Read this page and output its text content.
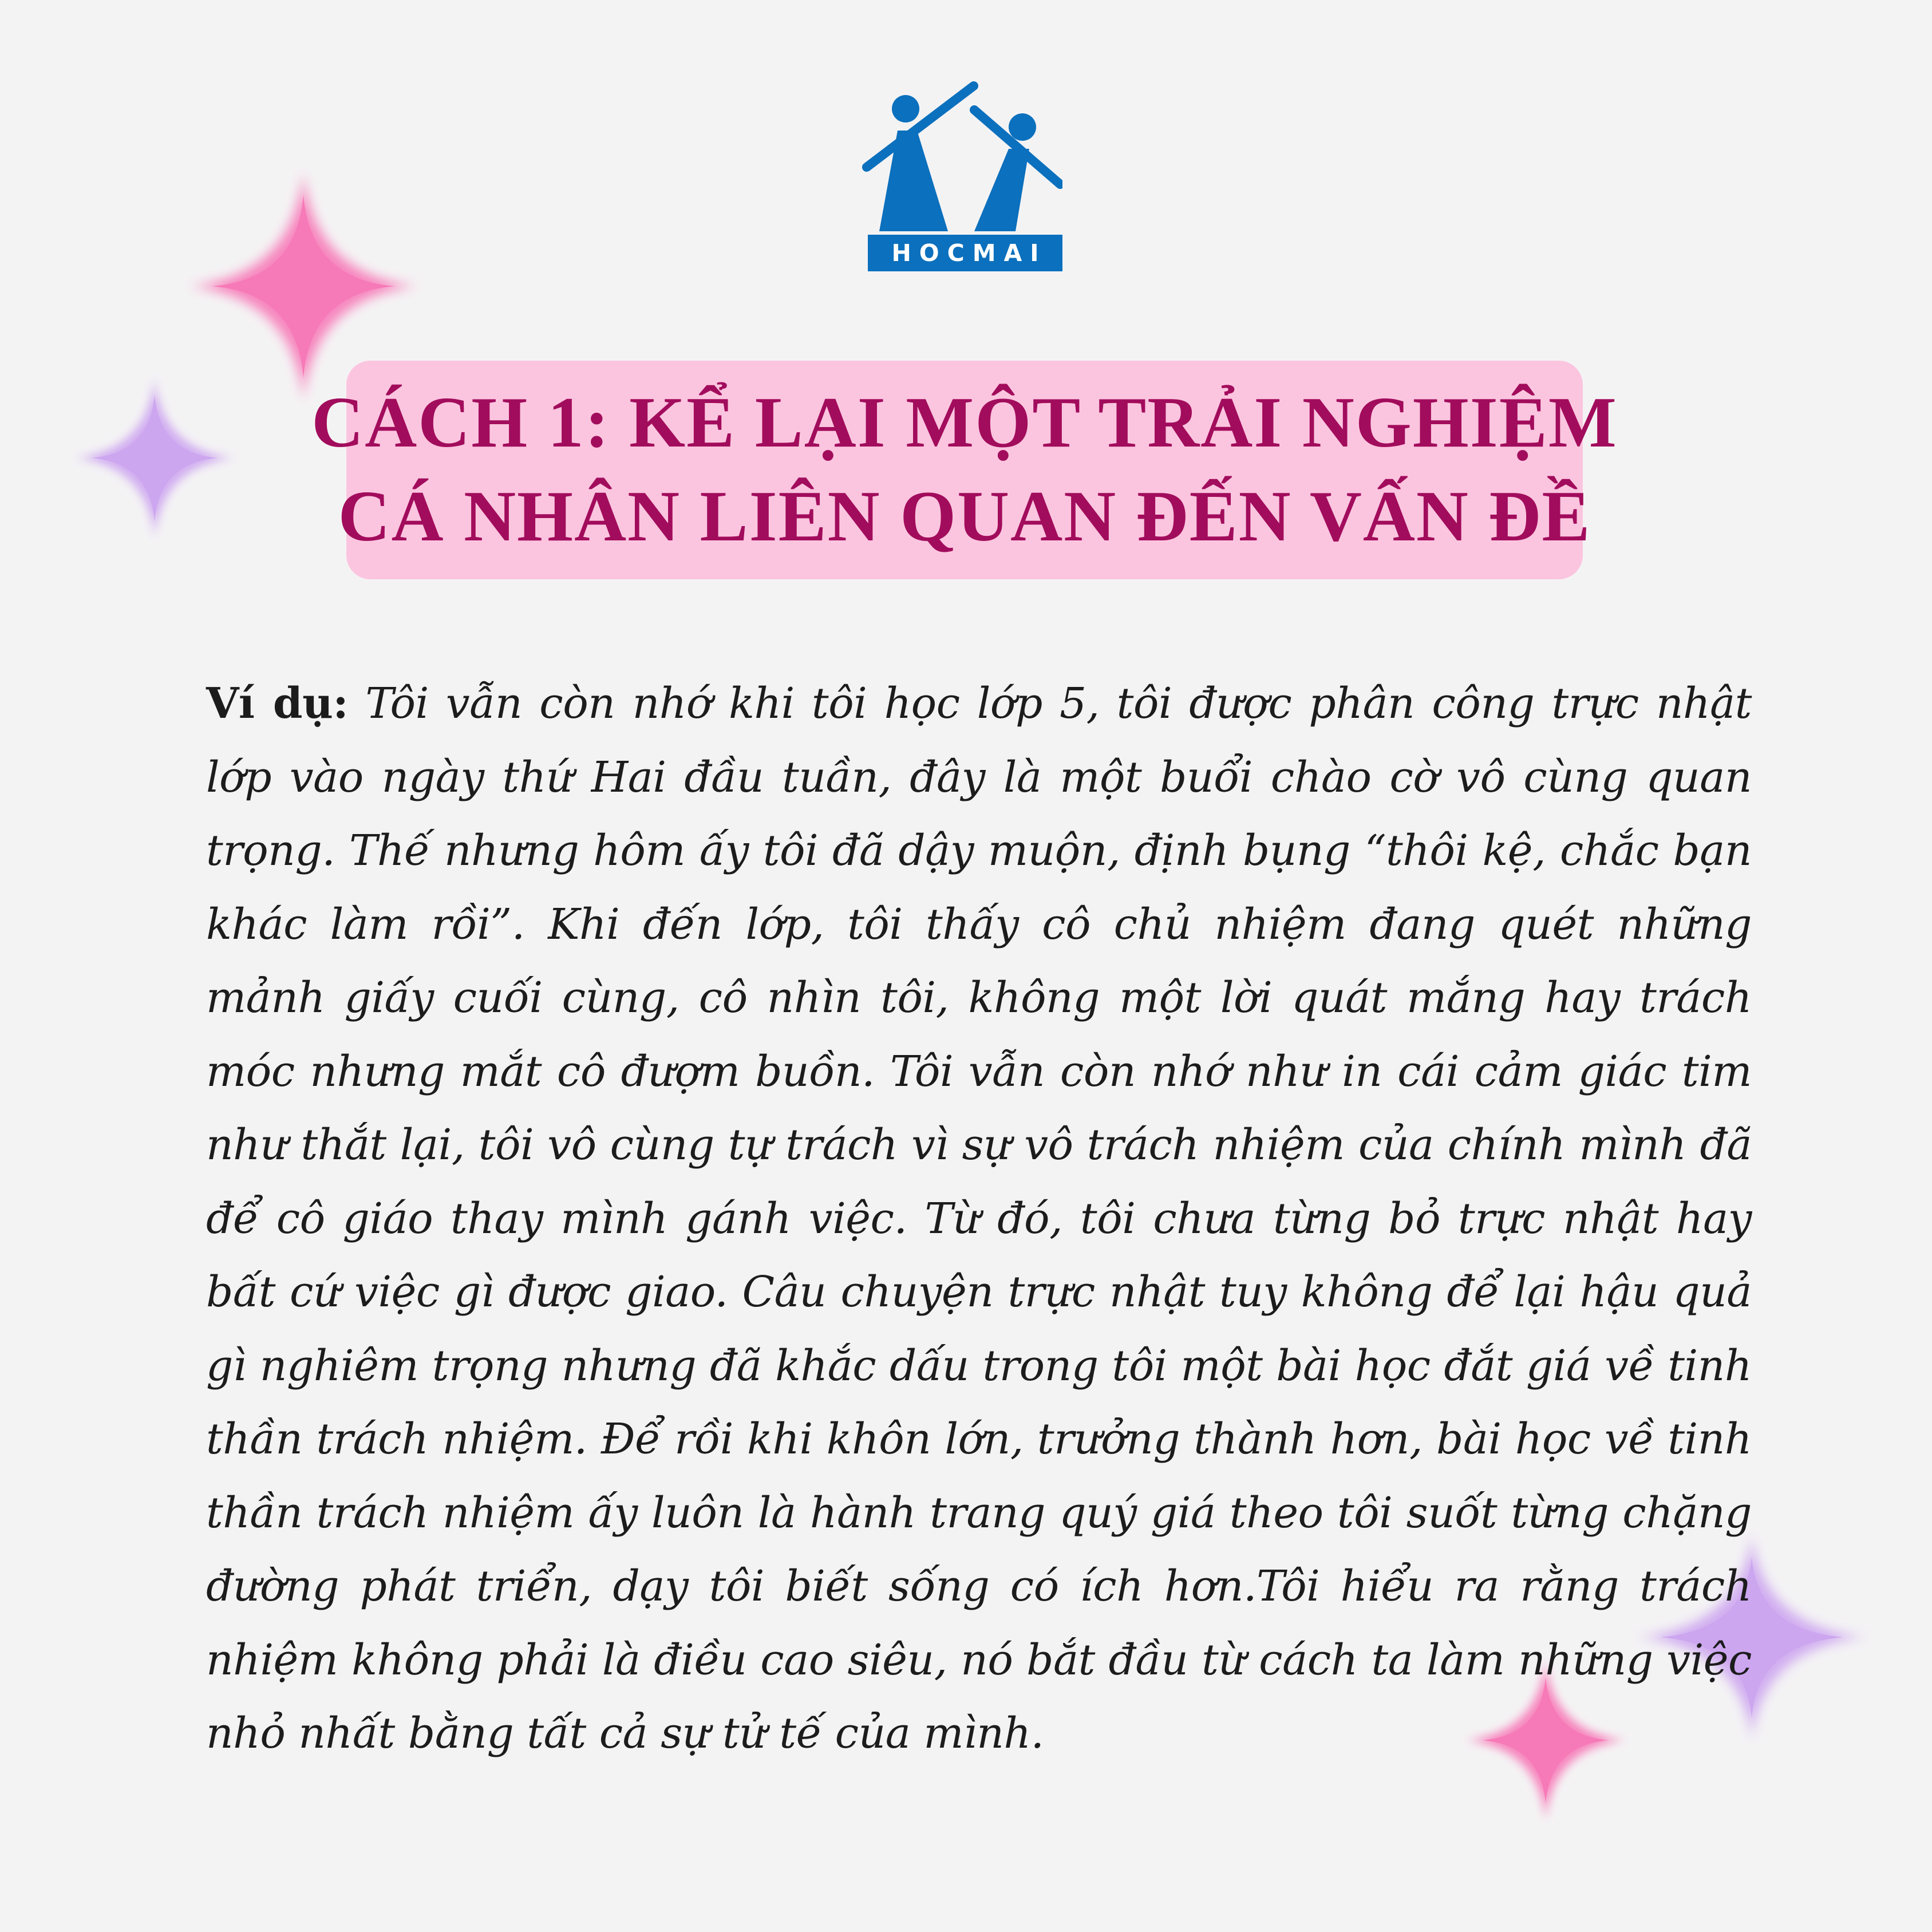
HOCMAI
CÁCH 1: KỂ LẠI MỘT TRẢI NGHIỆM
CÁ NHÂN LIÊN QUAN ĐẾN VẤN ĐỀ

Ví dụ: Tôi vẫn còn nhớ khi tôi học lớp 5, tôi được phân công trực nhật lớp vào ngày thứ Hai đầu tuần, đây là một buổi chào cờ vô cùng quan trọng. Thế nhưng hôm ấy tôi đã dậy muộn, định bụng “thôi kệ, chắc bạn khác làm rồi”. Khi đến lớp, tôi thấy cô chủ nhiệm đang quét những mảnh giấy cuối cùng, cô nhìn tôi, không một lời quát mắng hay trách móc nhưng mắt cô đượm buồn. Tôi vẫn còn nhớ như in cái cảm giác tim như thắt lại, tôi vô cùng tự trách vì sự vô trách nhiệm của chính mình đã để cô giáo thay mình gánh việc. Từ đó, tôi chưa từng bỏ trực nhật hay bất cứ việc gì được giao. Câu chuyện trực nhật tuy không để lại hậu quả gì nghiêm trọng nhưng đã khắc dấu trong tôi một bài học đắt giá về tinh thần trách nhiệm. Để rồi khi khôn lớn, trưởng thành hơn, bài học về tinh thần trách nhiệm ấy luôn là hành trang quý giá theo tôi suốt từng chặng đường phát triển, dạy tôi biết sống có ích hơn.Tôi hiểu ra rằng trách nhiệm không phải là điều cao siêu, nó bắt đầu từ cách ta làm những việc nhỏ nhất bằng tất cả sự tử tế của mình.
